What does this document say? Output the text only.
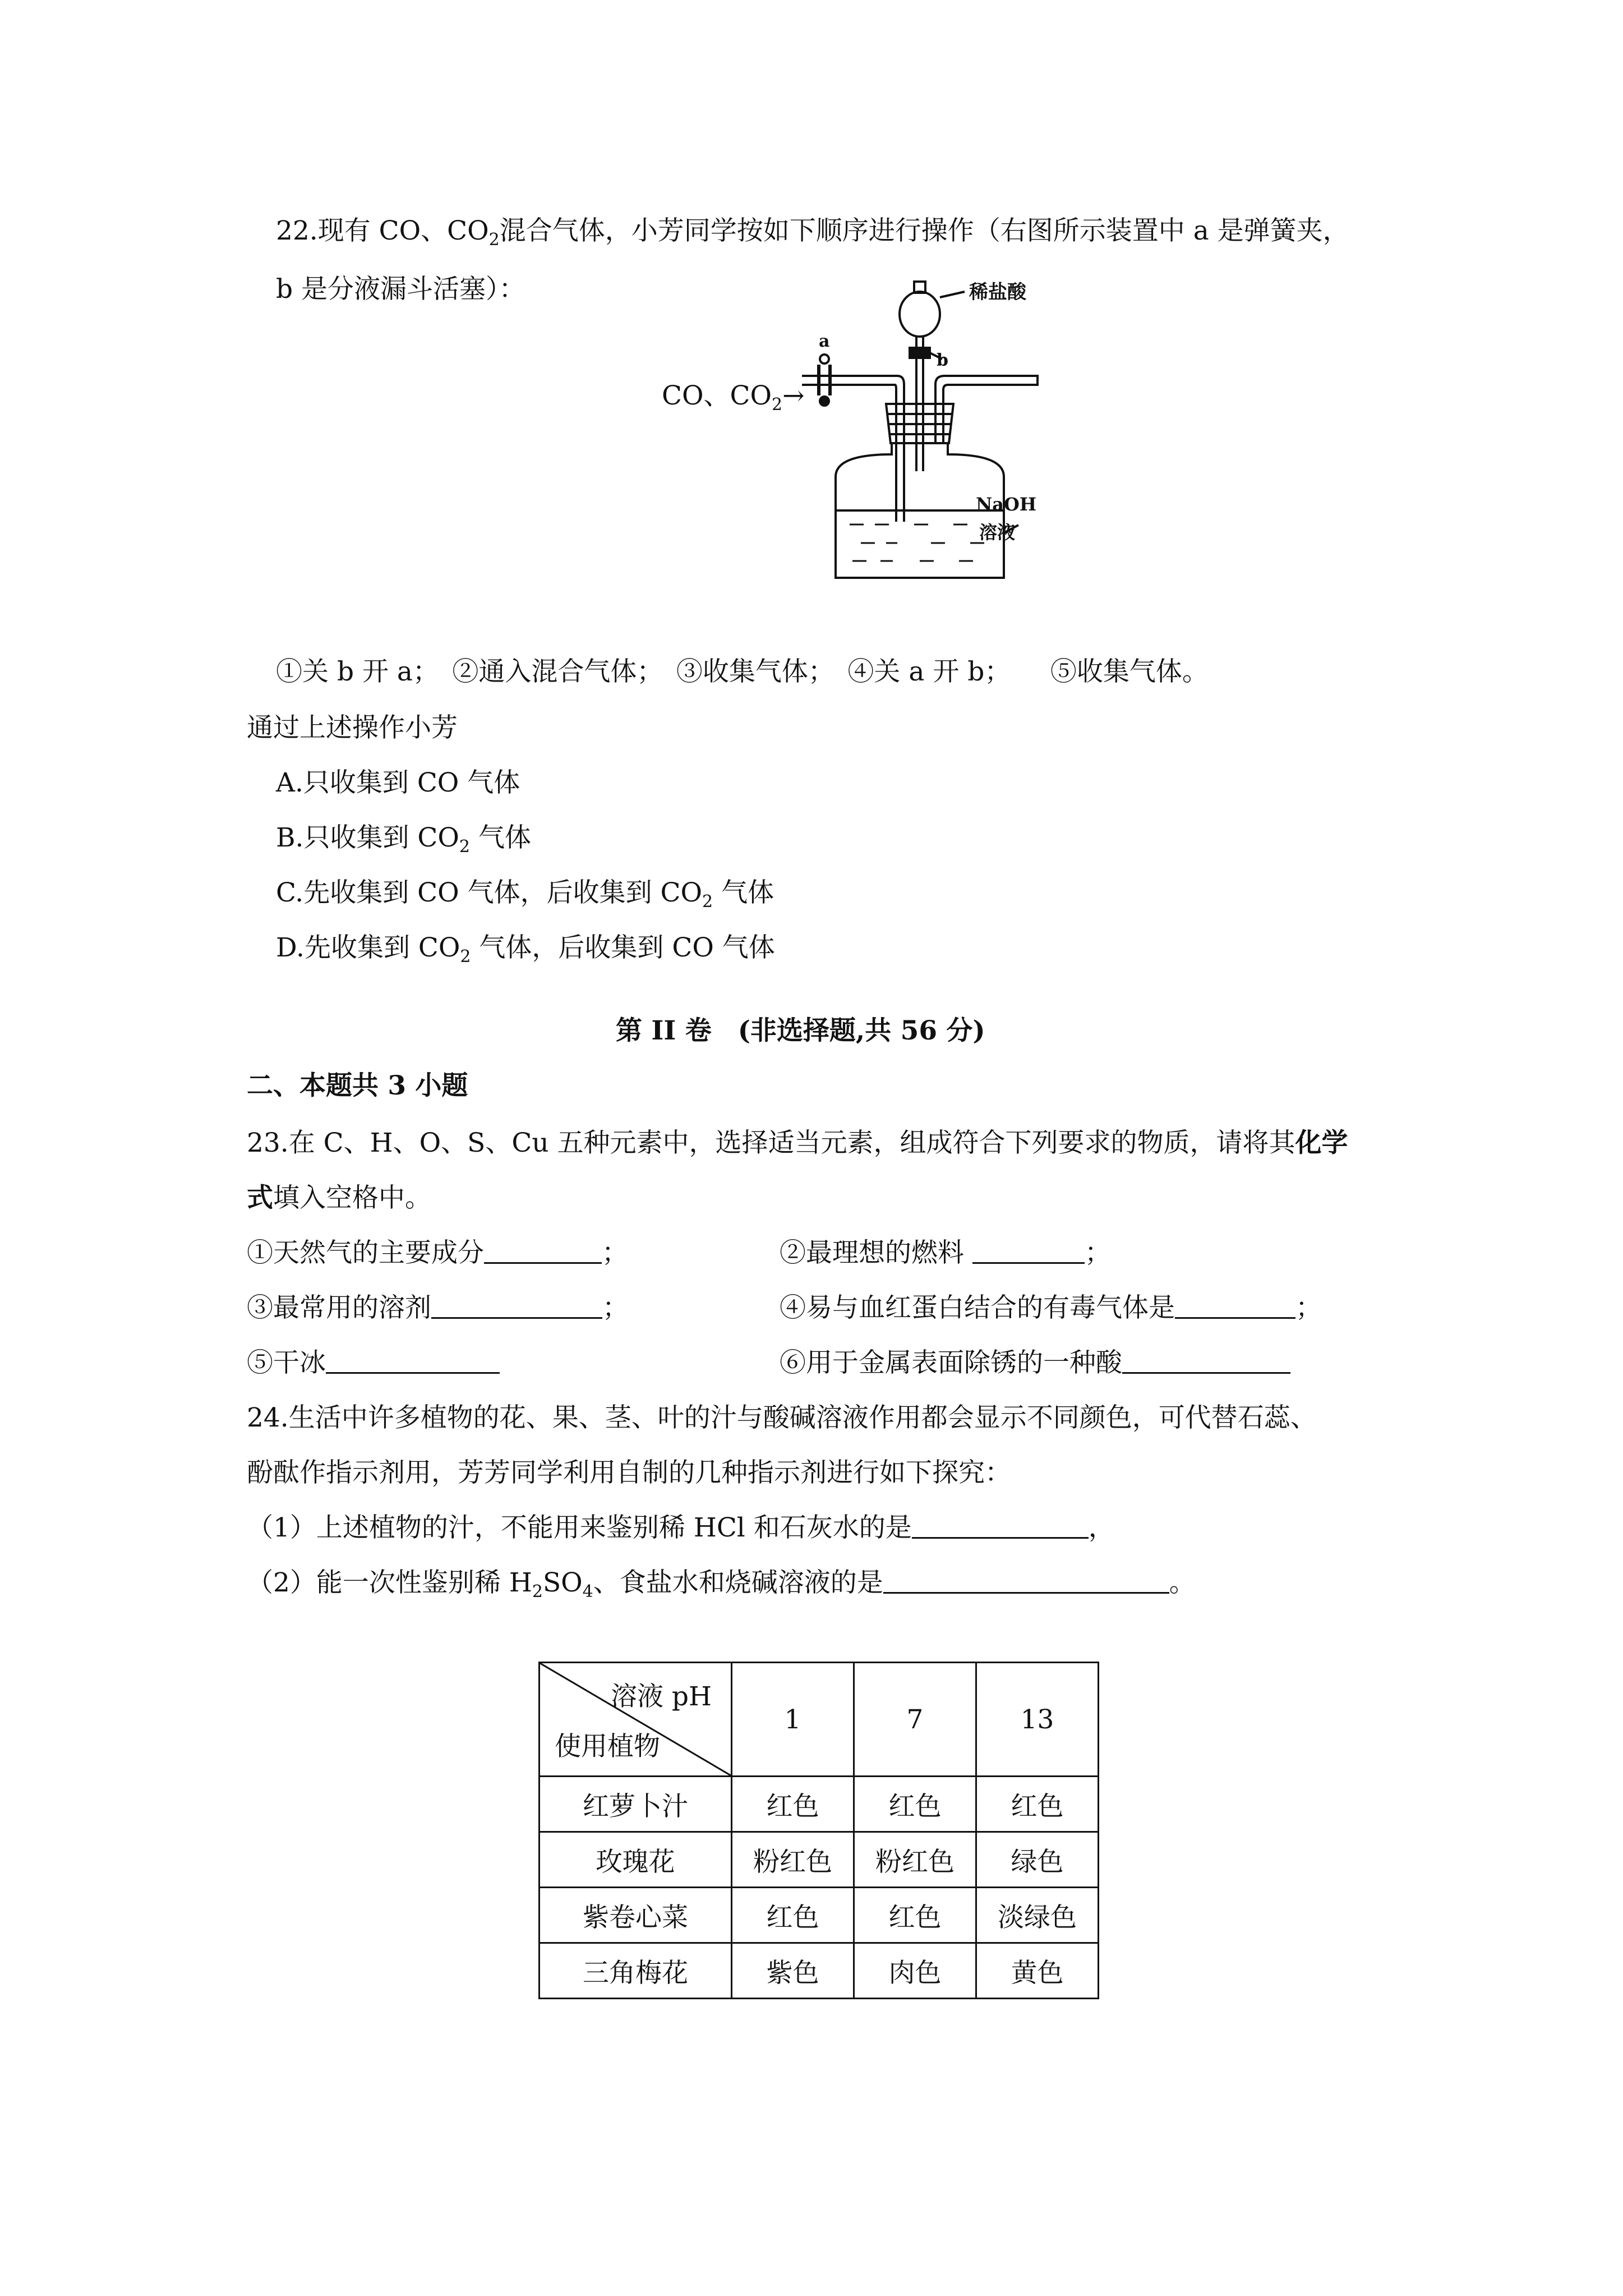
22.现有 CO、$CO_2$混合气体，小芳同学按如下顺序进行操作（右图所示装置中 a 是弹簧夹，
b 是分液漏斗活塞）：
CO、$CO_2\to$
稀盐酸
a
b
NaOH
溶液
①关 b 开 a；　②通入混合气体；　③收集气体；　④关 a 开 b；　　⑤收集气体。
通过上述操作小芳
A.只收集到 CO 气体
B.只收集到 $CO_2$ 气体
C.先收集到 CO 气体，后收集到 $CO_2$ 气体
D.先收集到 $CO_2$ 气体，后收集到 CO 气体
第 II 卷　(非选择题,共 56 分)
二、本题共 3 小题
23.在 C、H、O、S、Cu 五种元素中，选择适当元素，组成符合下列要求的物质，请将其化学
式填入空格中。
①天然气的主要成分	；	②最理想的燃料	；
③最常用的溶剂	；	④易与血红蛋白结合的有毒气体是	；
⑤干冰	⑥用于金属表面除锈的一种酸
24.生活中许多植物的花、果、茎、叶的汁与酸碱溶液作用都会显示不同颜色，可代替石蕊、
酚酞作指示剂用，芳芳同学利用自制的几种指示剂进行如下探究：
（1）上述植物的汁，不能用来鉴别稀 HCl 和石灰水的是	，
（2）能一次性鉴别稀 $H_2SO_4$、食盐水和烧碱溶液的是	。
溶液 pH
使用植物	1	7	13
红萝卜汁	红色	红色	红色
玫瑰花	粉红色	粉红色	绿色
紫卷心菜	红色	红色	淡绿色
三角梅花	紫色	肉色	黄色
